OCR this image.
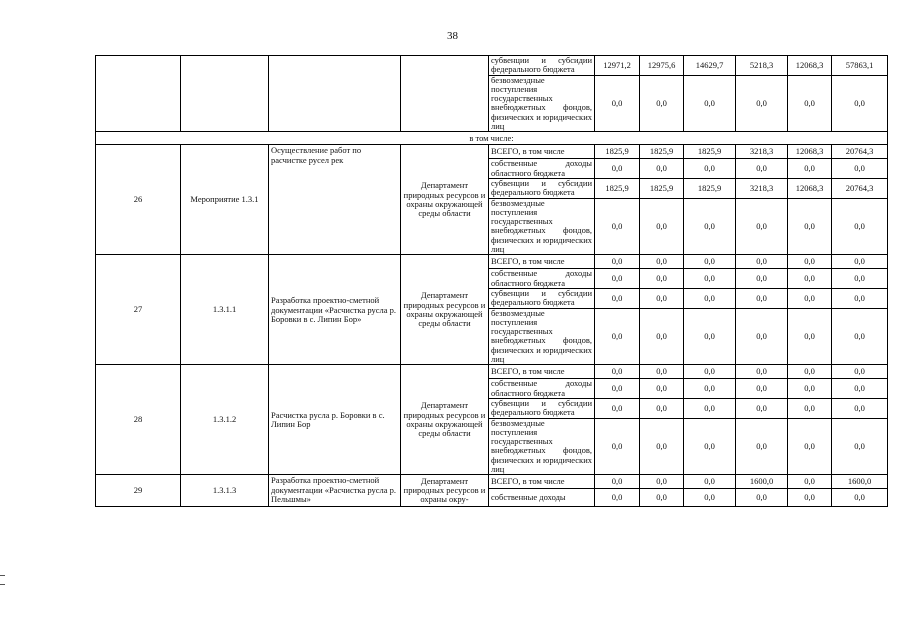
38
				субвенции и субсидии федерального бюджета	12971,2	12975,6	14629,7	5218,3	12068,3	57863,1
				безвозмездные поступления государственных внебюджетных фондов, физических и юридических лиц	0,0	0,0	0,0	0,0	0,0	0,0
в том числе:										
26	Мероприятие 1.3.1	Осуществление работ по расчистке русел рек	Департамент природных ресурсов и охраны окружающей среды области	ВСЕГО, в том числе	1825,9	1825,9	1825,9	3218,3	12068,3	20764,3
				собственные доходы областного бюджета	0,0	0,0	0,0	0,0	0,0	0,0
				субвенции и субсидии федерального бюджета	1825,9	1825,9	1825,9	3218,3	12068,3	20764,3
				безвозмездные поступления государственных внебюджетных фондов, физических и юридических лиц	0,0	0,0	0,0	0,0	0,0	0,0
27	1.3.1.1	Разработка проектно-сметной документации «Расчистка русла р. Боровки в с. Липин Бор»	Департамент природных ресурсов и охраны окружающей среды области	ВСЕГО, в том числе	0,0	0,0	0,0	0,0	0,0	0,0
				собственные доходы областного бюджета	0,0	0,0	0,0	0,0	0,0	0,0
				субвенции и субсидии федерального бюджета	0,0	0,0	0,0	0,0	0,0	0,0
				безвозмездные поступления государственных внебюджетных фондов, физических и юридических лиц	0,0	0,0	0,0	0,0	0,0	0,0
28	1.3.1.2	Расчистка русла р. Боровки в с. Липин Бор	Департамент природных ресурсов и охраны окружающей среды области	ВСЕГО, в том числе	0,0	0,0	0,0	0,0	0,0	0,0
				собственные доходы областного бюджета	0,0	0,0	0,0	0,0	0,0	0,0
				субвенции и субсидии федерального бюджета	0,0	0,0	0,0	0,0	0,0	0,0
				безвозмездные поступления государственных внебюджетных фондов, физических и юридических лиц	0,0	0,0	0,0	0,0	0,0	0,0
29	1.3.1.3	Разработка проектно-сметной документации «Расчистка русла р. Пельшмы»	Департамент природных ресурсов и охраны окру-	ВСЕГО, в том числе	0,0	0,0	0,0	1600,0	0,0	1600,0
				собственные доходы	0,0	0,0	0,0	0,0	0,0	0,0
